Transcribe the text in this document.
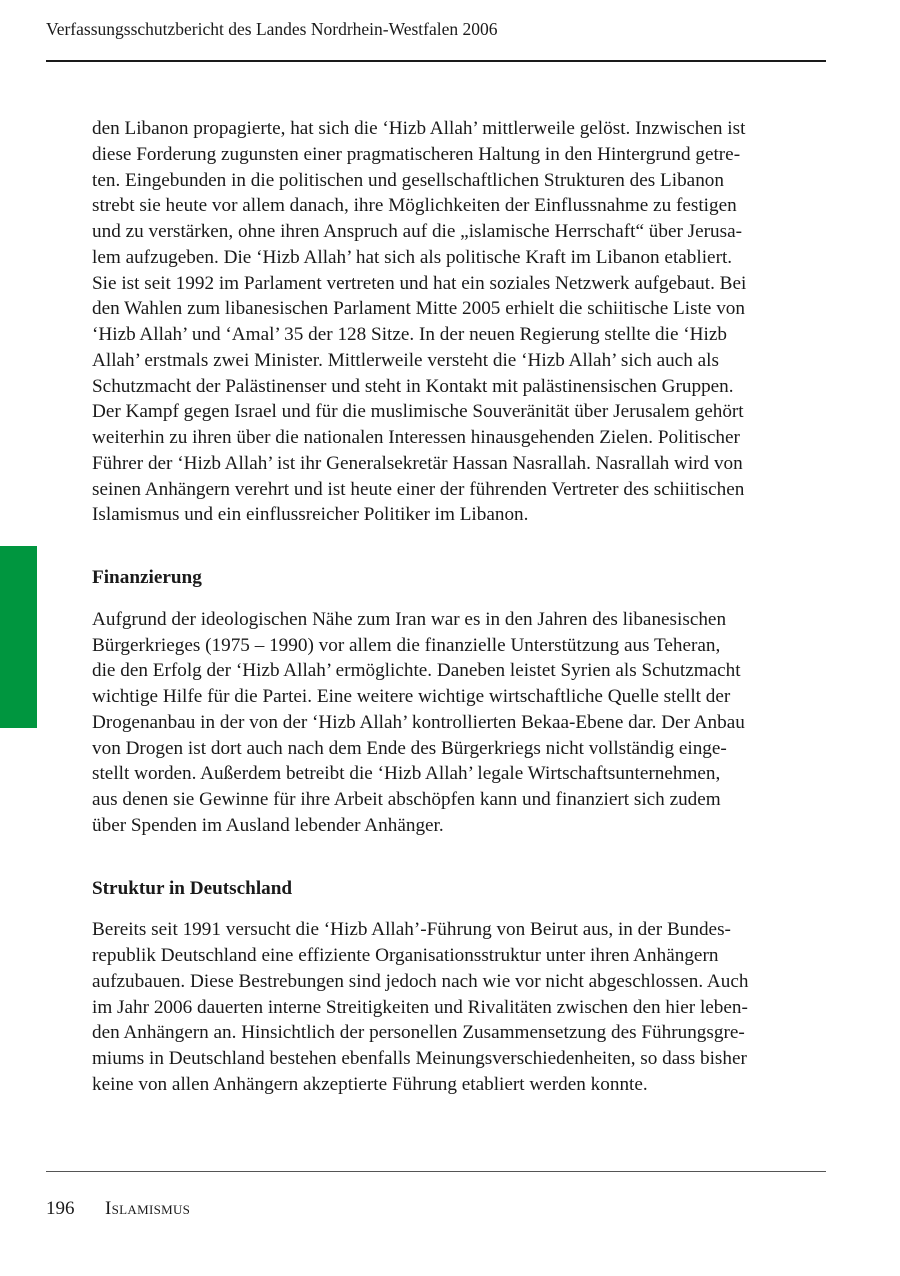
Verfassungsschutzbericht des Landes Nordrhein-Westfalen 2006

den Libanon propagierte, hat sich die ‘Hizb Allah’ mittlerweile gelöst. Inzwischen ist
diese Forderung zugunsten einer pragmatischeren Haltung in den Hintergrund getre-
ten. Eingebunden in die politischen und gesellschaftlichen Strukturen des Libanon
strebt sie heute vor allem danach, ihre Möglichkeiten der Einflussnahme zu festigen
und zu verstärken, ohne ihren Anspruch auf die „islamische Herrschaft“ über Jerusa-
lem aufzugeben. Die ‘Hizb Allah’ hat sich als politische Kraft im Libanon etabliert.
Sie ist seit 1992 im Parlament vertreten und hat ein soziales Netzwerk aufgebaut. Bei
den Wahlen zum libanesischen Parlament Mitte 2005 erhielt die schiitische Liste von
‘Hizb Allah’ und ‘Amal’ 35 der 128 Sitze. In der neuen Regierung stellte die ‘Hizb
Allah’ erstmals zwei Minister. Mittlerweile versteht die ‘Hizb Allah’ sich auch als
Schutzmacht der Palästinenser und steht in Kontakt mit palästinensischen Gruppen.
Der Kampf gegen Israel und für die muslimische Souveränität über Jerusalem gehört
weiterhin zu ihren über die nationalen Interessen hinausgehenden Zielen. Politischer
Führer der ‘Hizb Allah’ ist ihr Generalsekretär Hassan Nasrallah. Nasrallah wird von
seinen Anhängern verehrt und ist heute einer der führenden Vertreter des schiitischen
Islamismus und ein einflussreicher Politiker im Libanon.

Finanzierung

Aufgrund der ideologischen Nähe zum Iran war es in den Jahren des libanesischen
Bürgerkrieges (1975 – 1990) vor allem die finanzielle Unterstützung aus Teheran,
die den Erfolg der ‘Hizb Allah’ ermöglichte. Daneben leistet Syrien als Schutzmacht
wichtige Hilfe für die Partei. Eine weitere wichtige wirtschaftliche Quelle stellt der
Drogenanbau in der von der ‘Hizb Allah’ kontrollierten Bekaa-Ebene dar. Der Anbau
von Drogen ist dort auch nach dem Ende des Bürgerkriegs nicht vollständig einge-
stellt worden. Außerdem betreibt die ‘Hizb Allah’ legale Wirtschaftsunternehmen,
aus denen sie Gewinne für ihre Arbeit abschöpfen kann und finanziert sich zudem
über Spenden im Ausland lebender Anhänger.

Struktur in Deutschland

Bereits seit 1991 versucht die ‘Hizb Allah’-Führung von Beirut aus, in der Bundes-
republik Deutschland eine effiziente Organisationsstruktur unter ihren Anhängern
aufzubauen. Diese Bestrebungen sind jedoch nach wie vor nicht abgeschlossen. Auch
im Jahr 2006 dauerten interne Streitigkeiten und Rivalitäten zwischen den hier leben-
den Anhängern an. Hinsichtlich der personellen Zusammensetzung des Führungsgre-
miums in Deutschland bestehen ebenfalls Meinungsverschiedenheiten, so dass bisher
keine von allen Anhängern akzeptierte Führung etabliert werden konnte.

196 Islamismus
